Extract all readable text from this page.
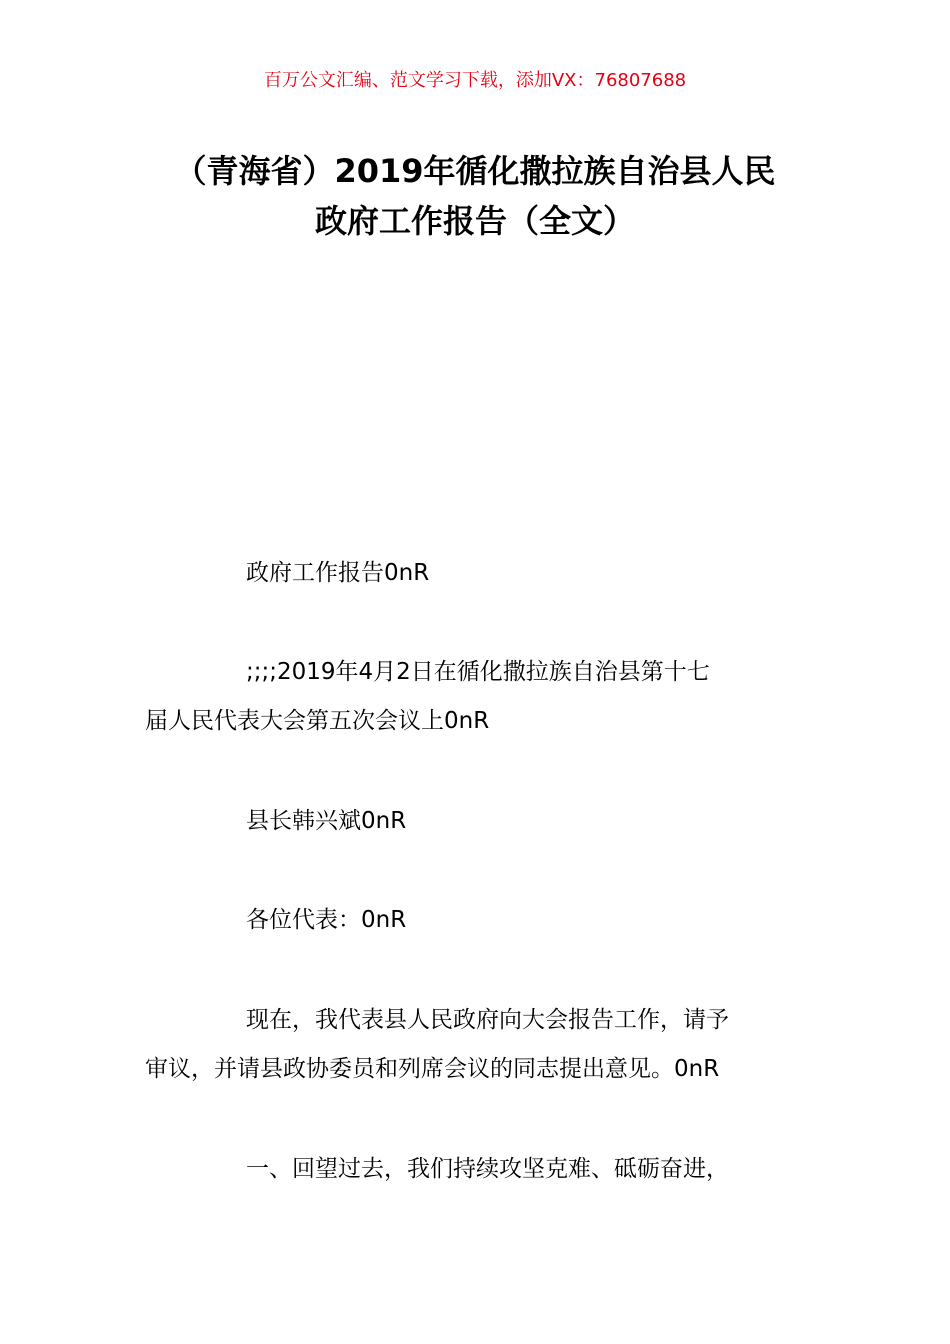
百万公文汇编、范文学习下载，添加VX：76807688
（青海省）2019年循化撒拉族自治县人民
政府工作报告（全文）
政府工作报告0nR
;;;;2019年4月2日在循化撒拉族自治县第十七
届人民代表大会第五次会议上0nR
县长韩兴斌0nR
各位代表：0nR
现在，我代表县人民政府向大会报告工作，请予
审议，并请县政协委员和列席会议的同志提出意见。0nR
一、回望过去，我们持续攻坚克难、砥砺奋进，
